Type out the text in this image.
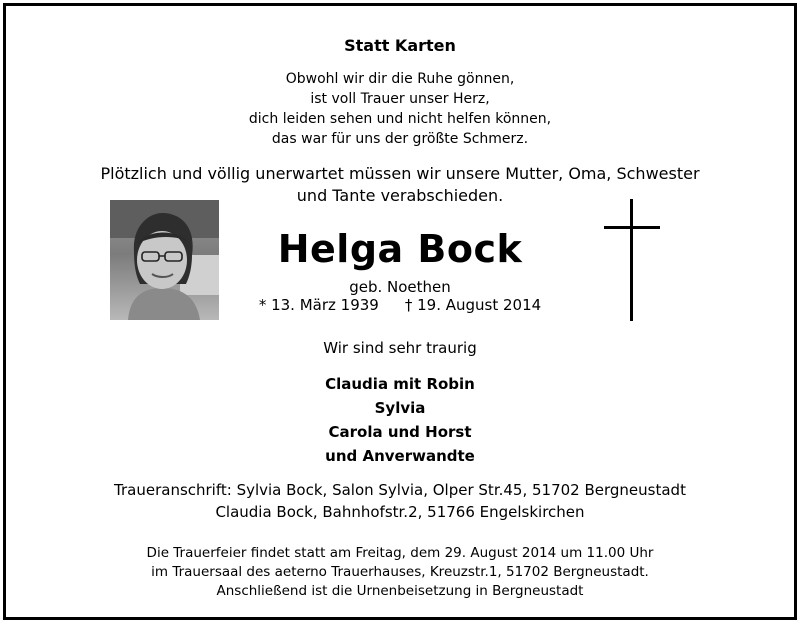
Statt Karten
Obwohl wir dir die Ruhe gönnen,
ist voll Trauer unser Herz,
dich leiden sehen und nicht helfen können,
das war für uns der größte Schmerz.
Plötzlich und völlig unerwartet müssen wir unsere Mutter, Oma, Schwester
und Tante verabschieden.
Helga Bock
geb. Noethen
* 13. März 1939 † 19. August 2014
Wir sind sehr traurig
Claudia mit Robin
Sylvia
Carola und Horst
und Anverwandte
Traueranschrift: Sylvia Bock, Salon Sylvia, Olper Str.45, 51702 Bergneustadt
Claudia Bock, Bahnhofstr.2, 51766 Engelskirchen
Die Trauerfeier findet statt am Freitag, dem 29. August 2014 um 11.00 Uhr
im Trauersaal des aeterno Trauerhauses, Kreuzstr.1, 51702 Bergneustadt.
Anschließend ist die Urnenbeisetzung in Bergneustadt
